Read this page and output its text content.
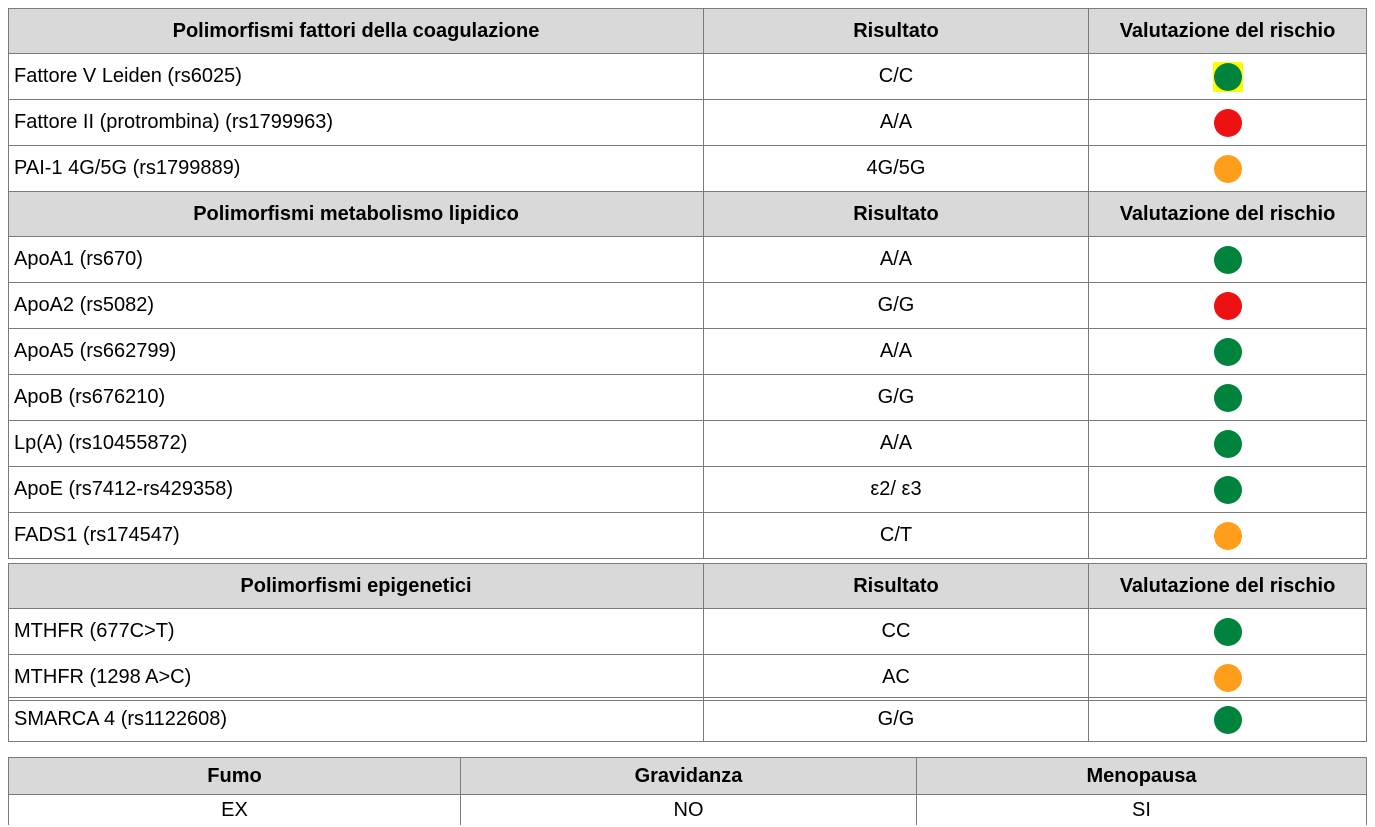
Polimorfismi fattori della coagulazione	Risultato	Valutazione del rischio
Fattore V Leiden (rs6025)	C/C	
Fattore II (protrombina) (rs1799963)	A/A	
PAI-1 4G/5G (rs1799889)	4G/5G	
Polimorfismi metabolismo lipidico	Risultato	Valutazione del rischio
ApoA1 (rs670)	A/A	
ApoA2 (rs5082)	G/G	
ApoA5 (rs662799)	A/A	
ApoB (rs676210)	G/G	
Lp(A) (rs10455872)	A/A	
ApoE (rs7412-rs429358)	ε2/ ε3	
FADS1 (rs174547)	C/T	
Polimorfismi epigenetici	Risultato	Valutazione del rischio
MTHFR (677C>T)	CC	
MTHFR (1298 A>C)	AC	
SMARCA 4 (rs1122608)	G/G	
Fumo	Gravidanza	Menopausa
EX	NO	SI
